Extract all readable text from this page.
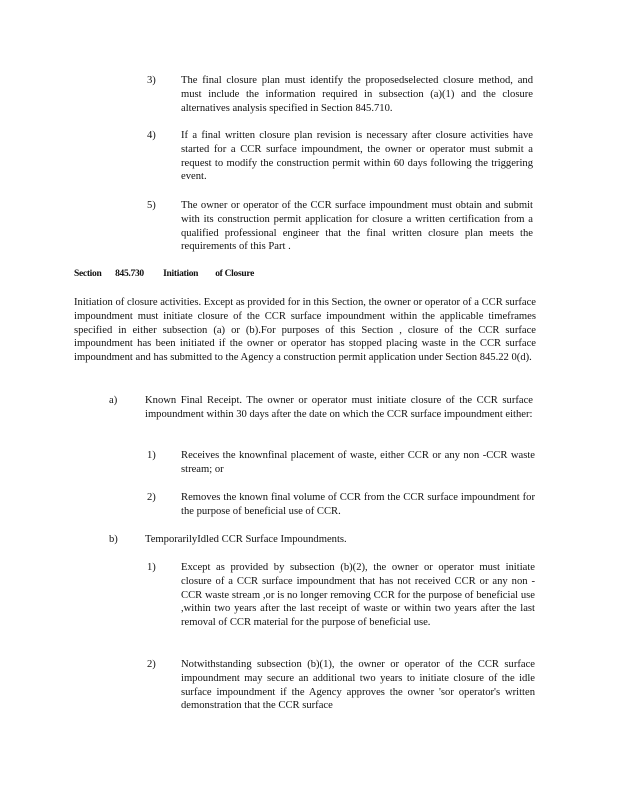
3) The final closure plan must identify the proposedselected closure method, and must include the information required in subsection (a)(1) and the closure alternatives analysis specified in Section 845.710.
4) If a final written closure plan revision is necessary after closure activities have started for a CCR surface impoundment, the owner or operator must submit a request to modify the construction permit within 60 days following the triggering event.
5) The owner or operator of the CCR surface impoundment must obtain and submit with its construction permit application for closure a written certification from a qualified professional engineer that the final written closure plan meets the requirements of this Part .
Section 845.730 Initiation of Closure
Initiation of closure activities. Except as provided for in this Section, the owner or operator of a CCR surface impoundment must initiate closure of the CCR surface impoundment within the applicable timeframes specified in either subsection (a) or (b).For purposes of this Section , closure of the CCR surface impoundment has been initiated if the owner or operator has stopped placing waste in the CCR surface impoundment and has submitted to the Agency a construction permit application under Section 845.22 0(d).
a)	Known Final Receipt. The owner or operator must initiate closure of the CCR surface impoundment within 30 days after the date on which the CCR surface impoundment either:
1) Receives the knownfinal placement of waste, either CCR or any non -CCR waste stream; or
2) Removes the known final volume of CCR from the CCR surface impoundment for the purpose of beneficial use of CCR.
b)	TemporarilyIdled CCR Surface Impoundments.
1) Except as provided by subsection (b)(2), the owner or operator must initiate closure of a CCR surface impoundment that has not received CCR or any non -CCR waste stream ,or is no longer removing CCR for the purpose of beneficial use ,within two years after the last receipt of waste or within two years after the last removal of CCR material for the purpose of beneficial use.
2) Notwithstanding subsection (b)(1), the owner or operator of the CCR surface impoundment may secure an additional two years to initiate closure of the idle surface impoundment if the Agency approves the owner 'sor operator's written demonstration that the CCR surface
